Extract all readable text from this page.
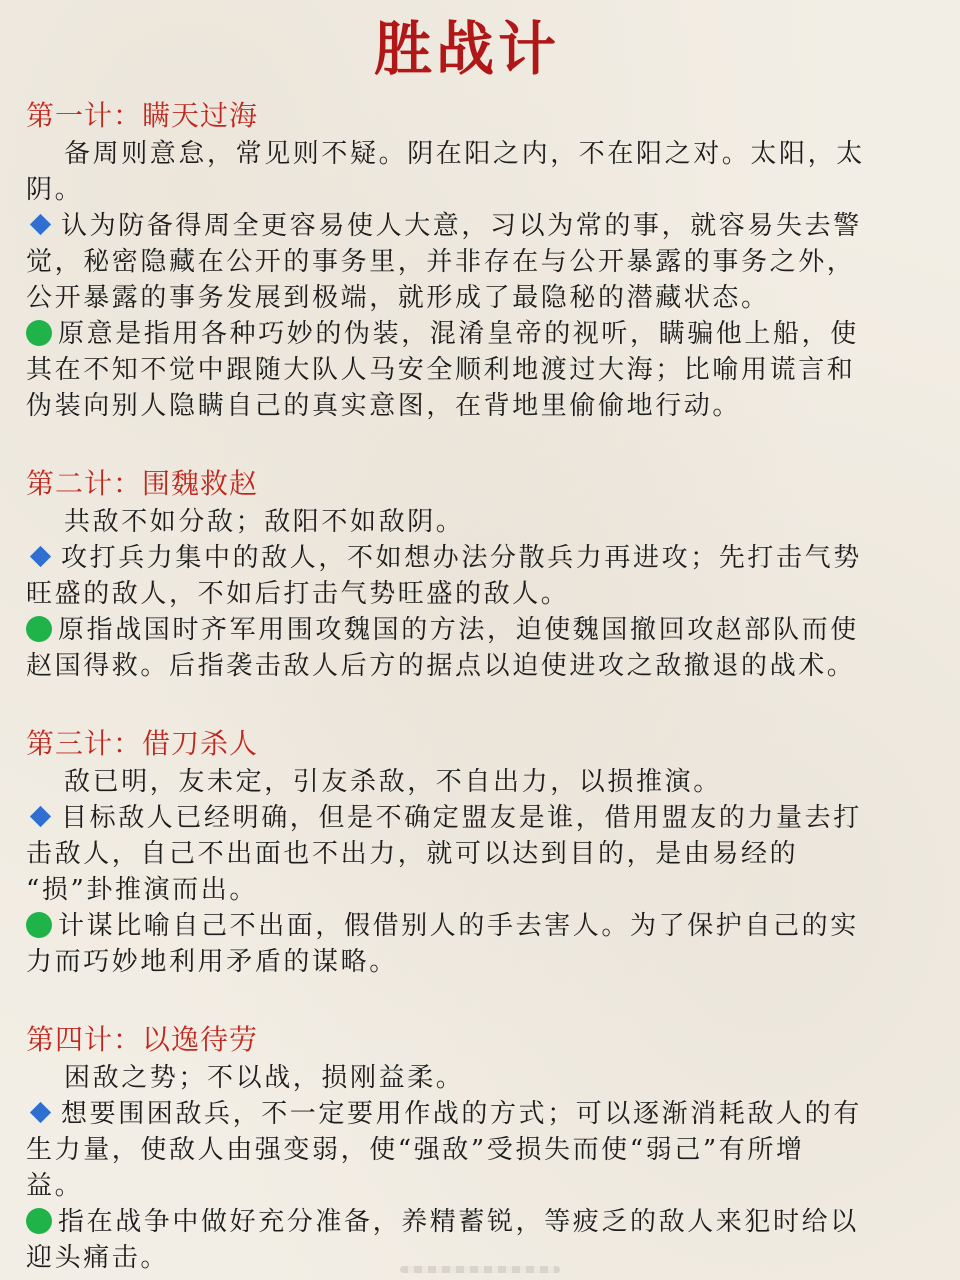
胜战计
第一计：瞒天过海

备周则意怠，常见则不疑。阴在阳之内，不在阳之对。太阳，太

阴。

认为防备得周全更容易使人大意，习以为常的事，就容易失去警

觉，秘密隐藏在公开的事务里，并非存在与公开暴露的事务之外，

公开暴露的事务发展到极端，就形成了最隐秘的潜藏状态。

原意是指用各种巧妙的伪装，混淆皇帝的视听，瞒骗他上船，使

其在不知不觉中跟随大队人马安全顺利地渡过大海；比喻用谎言和

伪装向别人隐瞒自己的真实意图，在背地里偷偷地行动。

第二计：围魏救赵

共敌不如分敌；敌阳不如敌阴。

攻打兵力集中的敌人，不如想办法分散兵力再进攻；先打击气势

旺盛的敌人，不如后打击气势旺盛的敌人。

原指战国时齐军用围攻魏国的方法，迫使魏国撤回攻赵部队而使

赵国得救。后指袭击敌人后方的据点以迫使进攻之敌撤退的战术。

第三计：借刀杀人

敌已明，友未定，引友杀敌，不自出力，以损推演。

目标敌人已经明确，但是不确定盟友是谁，借用盟友的力量去打

击敌人，自己不出面也不出力，就可以达到目的，是由易经的

“损”卦推演而出。

计谋比喻自己不出面，假借别人的手去害人。为了保护自己的实

力而巧妙地利用矛盾的谋略。

第四计：以逸待劳

困敌之势；不以战，损刚益柔。

想要围困敌兵，不一定要用作战的方式；可以逐渐消耗敌人的有

生力量，使敌人由强变弱，使“强敌”受损失而使“弱己”有所增

益。

指在战争中做好充分准备，养精蓄锐，等疲乏的敌人来犯时给以

迎头痛击。
